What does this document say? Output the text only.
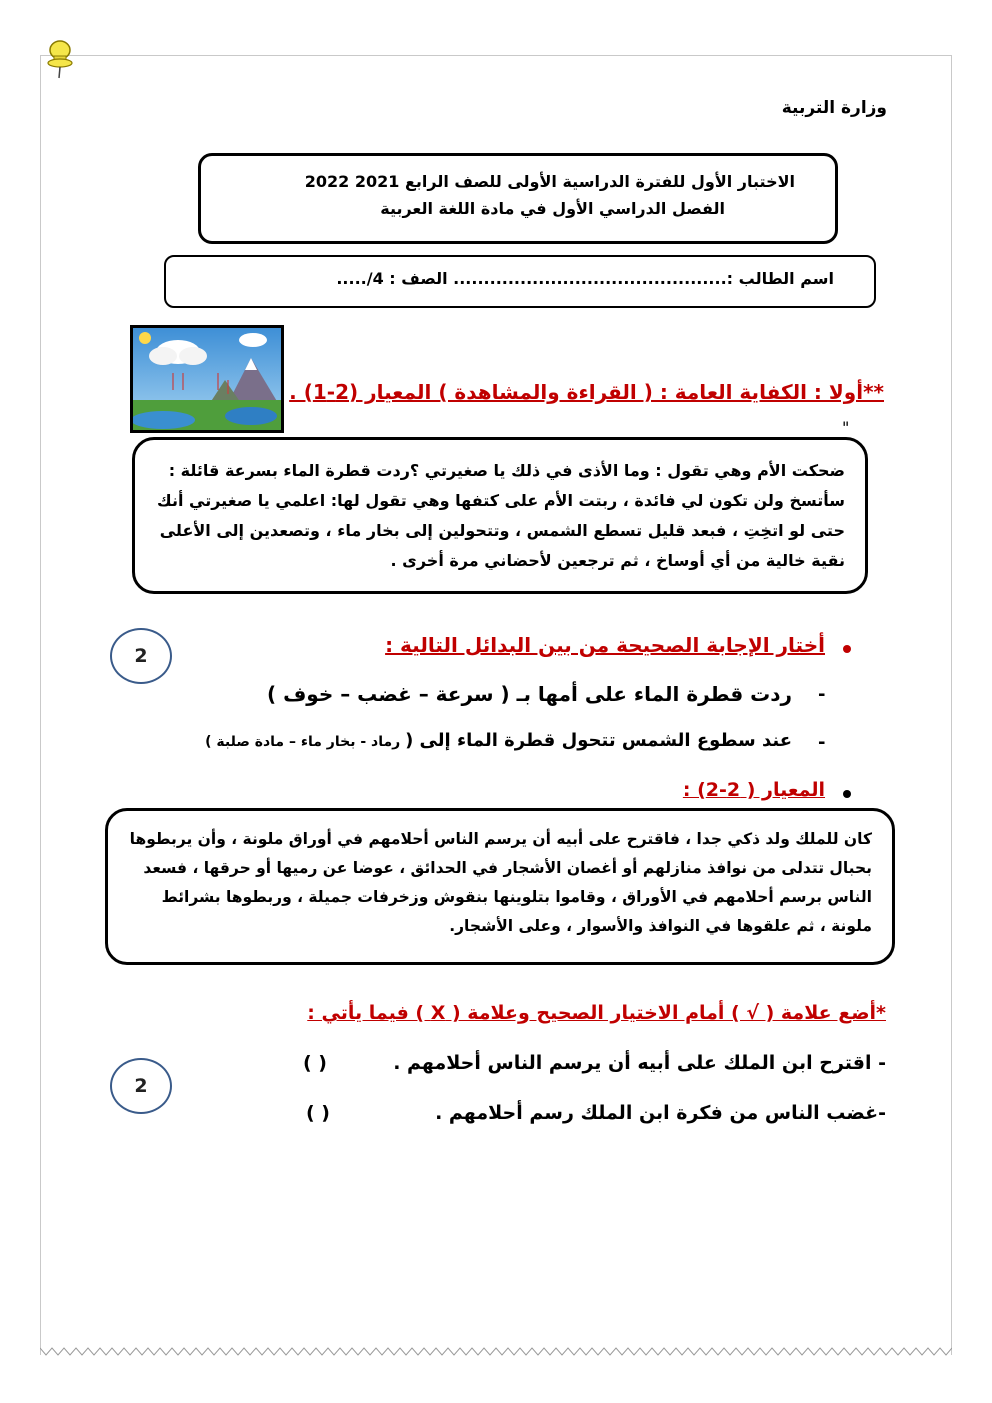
وزارة التربية
الاختبار الأول للفترة الدراسية الأولى للصف الرابع 2021 2022
الفصل الدراسي الأول في مادة اللغة العربية
اسم الطالب :............................................. الصف : 4/.....
**أولا : الكفاية العامة : ( القراءة والمشاهدة ) المعيار (2-1) .
"
ضحكت الأم وهي تقول : وما الأذى في ذلك يا صغيرتي ؟ردت قطرة الماء بسرعة قائلة :
سأتسخ ولن تكون لي فائدة ، ربتت الأم على كتفها وهي تقول لها: اعلمي يا صغيرتي أنك
حتى لو اتخِتِ ، فبعد قليل تسطع الشمس ، وتتحولين إلى بخار ماء ، وتصعدين إلى الأعلى
نقية خالية من أي أوساخ ، ثم ترجعين لأحضاني مرة أخرى .
2	أختار الإجابة الصحيحة من بين البدائل التالية :
-
ردت قطرة الماء على أمها بـ ( سرعة – غضب – خوف )
-
عند سطوع الشمس تتحول قطرة الماء إلى ( رماد - بخار ماء – مادة صلبة )
المعيار ( 2-2) :
كان للملك ولد ذكي جدا ، فاقترح على أبيه أن يرسم الناس أحلامهم في أوراق ملونة ، وأن يربطوها
بحبال تتدلى من نوافذ منازلهم أو أغصان الأشجار في الحدائق ، عوضا عن رميها أو حرقها ، فسعد
الناس برسم أحلامهم في الأوراق ، وقاموا بتلوينها بنقوش وزخرفات جميلة ، وربطوها بشرائط
ملونة ، ثم علقوها في النوافذ والأسوار ، وعلى الأشجار.
*أضع علامة ( √ ) أمام الاختيار الصحيح وعلامة ( X ) فيما يأتي :
2
- اقترح ابن الملك على أبيه أن يرسم الناس أحلامهم .
( )
-غضب الناس من فكرة ابن الملك رسم أحلامهم .
( )
